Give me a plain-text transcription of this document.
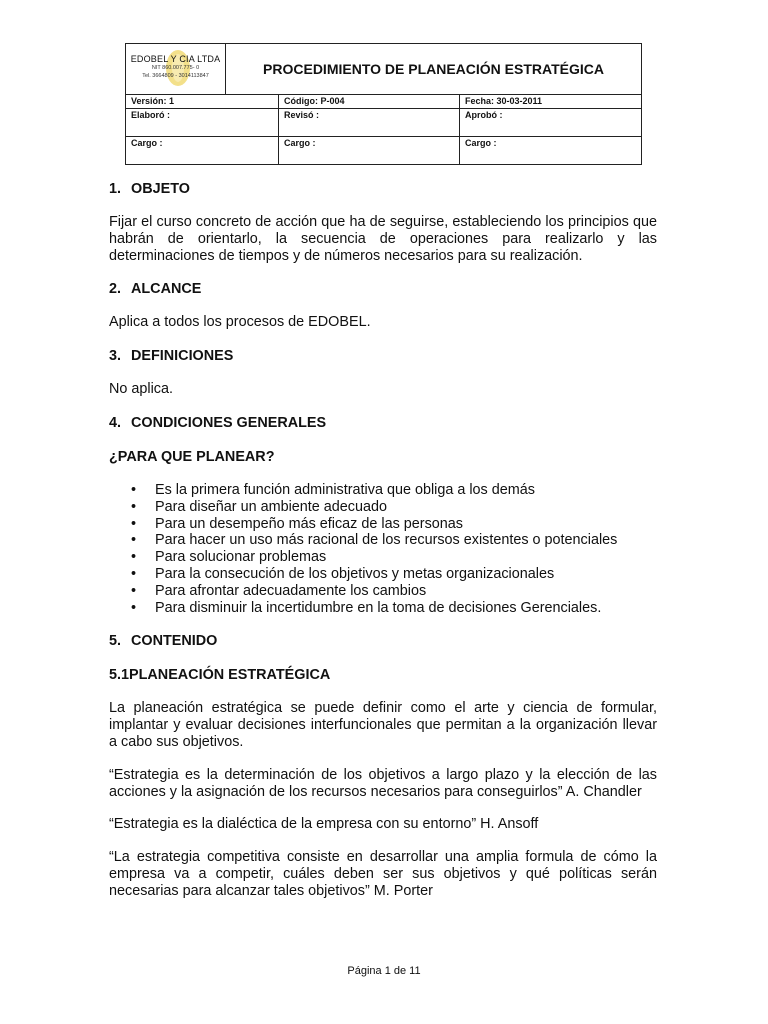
EDOBEL Y CIA LTDA
NIT 860.007.775- 0
Tel. 3664809 - 3014113847	PROCEDIMIENTO DE PLANEACIÓN ESTRATÉGICA		
Versión: 1		Código: P-004	Fecha: 30-03-2011
Elaboró :		Revisó :	Aprobó :
Cargo :		Cargo :	Cargo :
1. OBJETO

Fijar el curso concreto de acción que ha de seguirse, estableciendo los principios que habrán de orientarlo, la secuencia de operaciones para realizarlo y las determinaciones de tiempos y de números necesarios para su realización.

2. ALCANCE

Aplica a todos los procesos de EDOBEL.

3. DEFINICIONES

No aplica.

4. CONDICIONES GENERALES
¿PARA QUE PLANEAR?
• Es la primera función administrativa que obliga a los demás
• Para diseñar un ambiente adecuado
• Para un desempeño más eficaz de las personas
• Para hacer un uso más racional de los recursos existentes o potenciales
• Para solucionar problemas
• Para la consecución de los objetivos y metas organizacionales
• Para afrontar adecuadamente los cambios
• Para disminuir la incertidumbre en la toma de decisiones Gerenciales.
5. CONTENIDO
5.1PLANEACIÓN ESTRATÉGICA

La planeación estratégica se puede definir como el arte y ciencia de formular, implantar y evaluar decisiones interfuncionales que permitan a la organización llevar a cabo sus objetivos.

“Estrategia es la determinación de los objetivos a largo plazo y la elección de las acciones y la asignación de los recursos necesarios para conseguirlos” A. Chandler

“Estrategia es la dialéctica de la empresa con su entorno” H. Ansoff

“La estrategia competitiva consiste en desarrollar una amplia formula de cómo la empresa va a competir, cuáles deben ser sus objetivos y qué políticas serán necesarias para alcanzar tales objetivos” M. Porter

Página 1 de 11
